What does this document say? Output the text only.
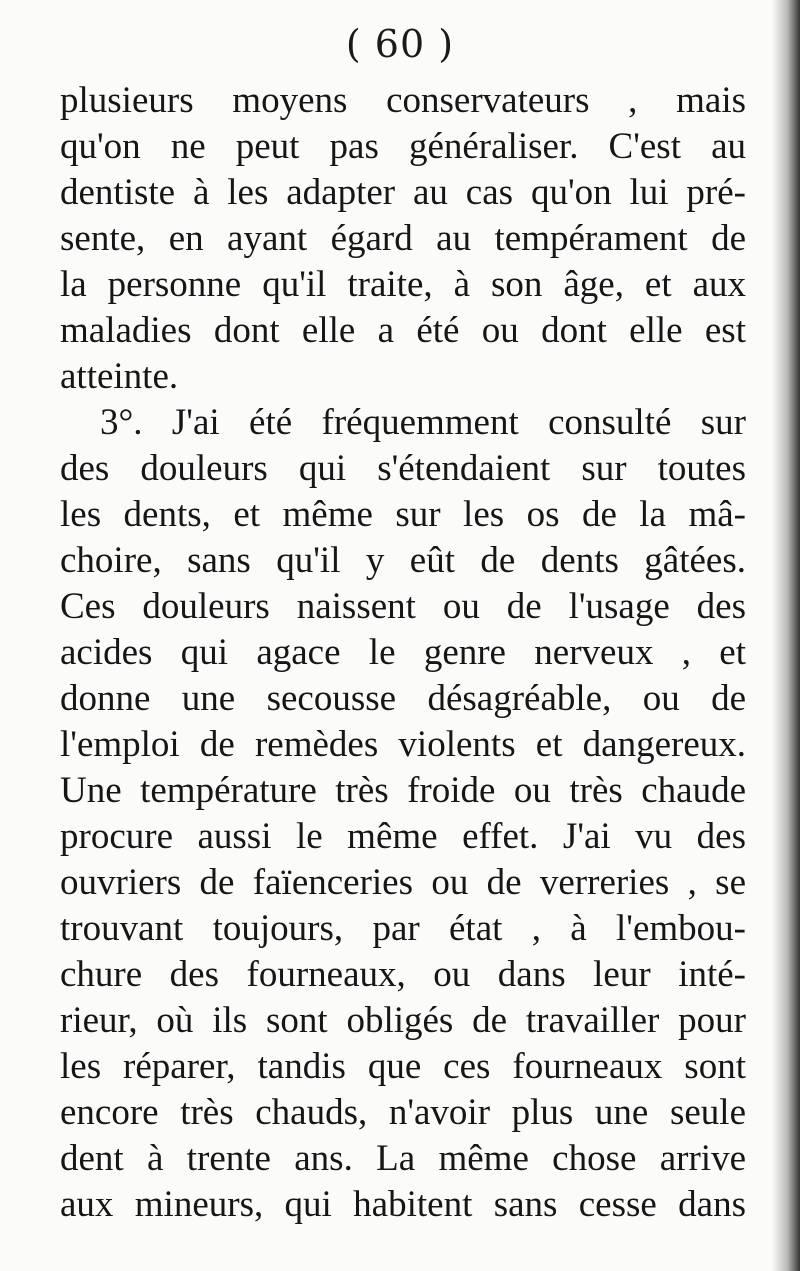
( 60 )
plusieurs moyens conservateurs , mais
qu'on ne peut pas généraliser. C'est au
dentiste à les adapter au cas qu'on lui pré-
sente, en ayant égard au tempérament de
la personne qu'il traite, à son âge, et aux
maladies dont elle a été ou dont elle est
atteinte.
3°. J'ai été fréquemment consulté sur
des douleurs qui s'étendaient sur toutes
les dents, et même sur les os de la mâ-
choire, sans qu'il y eût de dents gâtées.
Ces douleurs naissent ou de l'usage des
acides qui agace le genre nerveux , et
donne une secousse désagréable, ou de
l'emploi de remèdes violents et dangereux.
Une température très froide ou très chaude
procure aussi le même effet. J'ai vu des
ouvriers de faïenceries ou de verreries , se
trouvant toujours, par état , à l'embou-
chure des fourneaux, ou dans leur inté-
rieur, où ils sont obligés de travailler pour
les réparer, tandis que ces fourneaux sont
encore très chauds, n'avoir plus une seule
dent à trente ans. La même chose arrive
aux mineurs, qui habitent sans cesse dans
